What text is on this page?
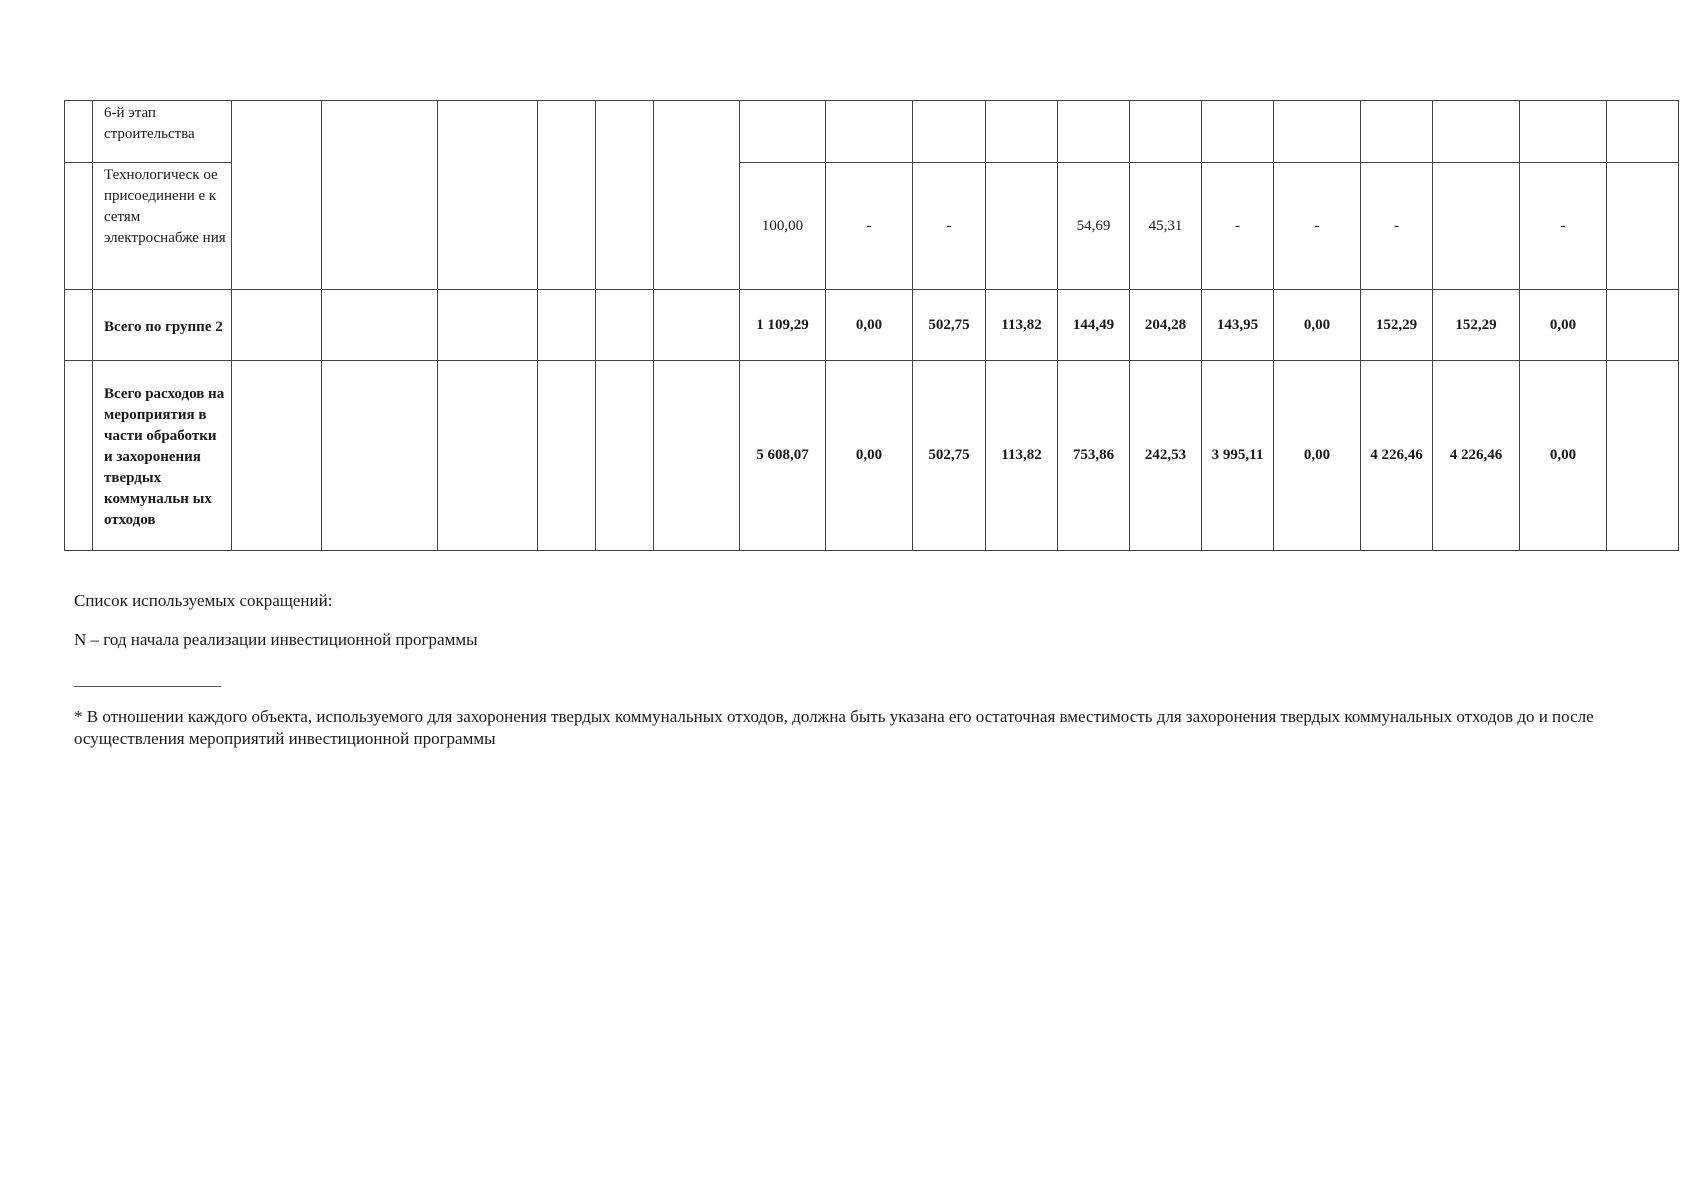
	6-й этап строительства																		
	Технологическ ое присоединени е к сетям электроснабже ния							100,00	-	-		54,69	45,31	-	-	-		-	
	Всего по группе 2							1 109,29	0,00	502,75	113,82	144,49	204,28	143,95	0,00	152,29	152,29	0,00	
	Всего расходов на мероприятия в части обработки и захоронения твердых коммунальн ых отходов							5 608,07	0,00	502,75	113,82	753,86	242,53	3 995,11	0,00	4 226,46	4 226,46	0,00	
Список используемых сокращений:
N – год начала реализации инвестиционной программы
* В отношении каждого объекта, используемого для захоронения твердых коммунальных отходов, должна быть указана его остаточная вместимость для захоронения твердых коммунальных отходов до и после осуществления мероприятий инвестиционной программы
